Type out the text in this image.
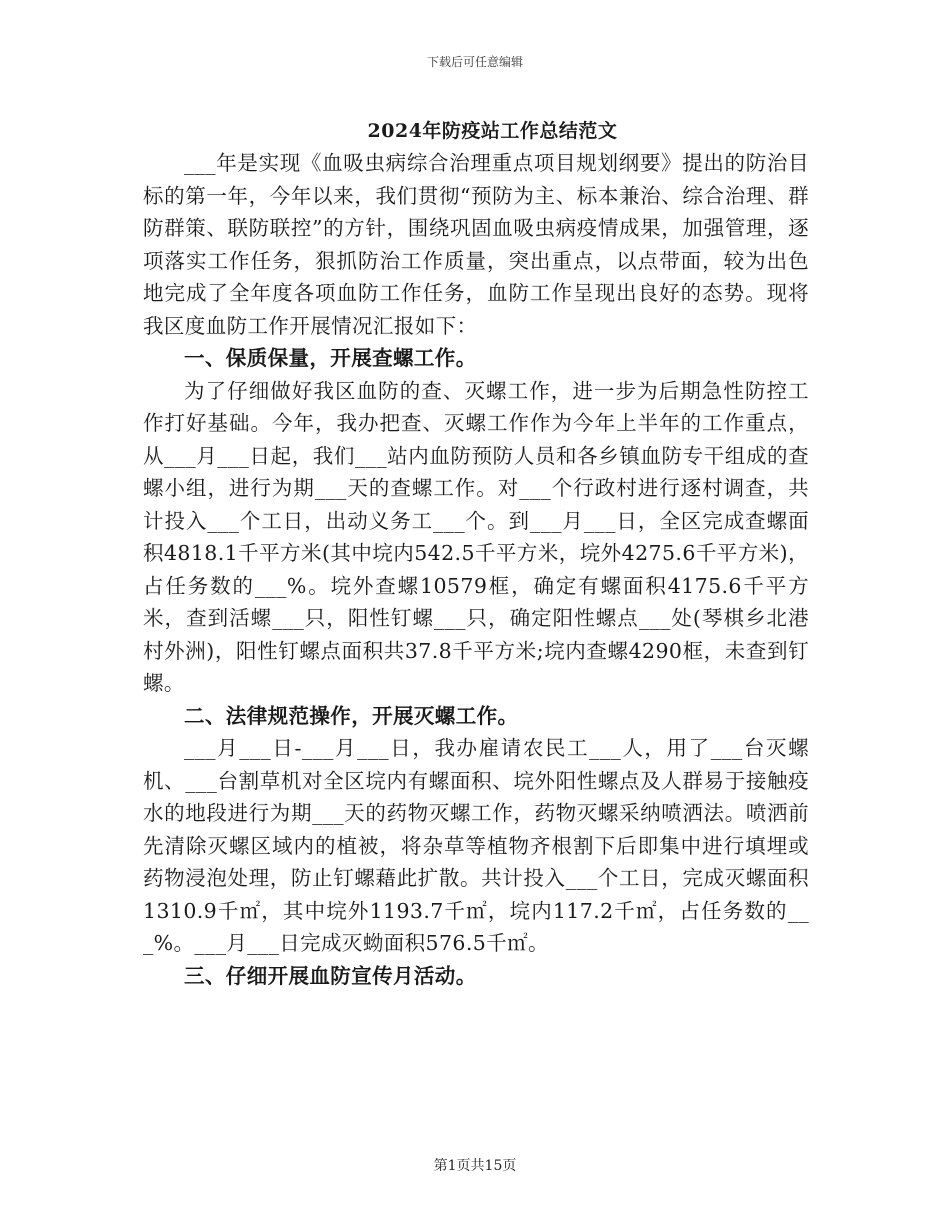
下载后可任意编辑
2024年防疫站工作总结范文

___年是实现《血吸虫病综合治理重点项目规划纲要》提出的防治目标的第一年，今年以来，我们贯彻“预防为主、标本兼治、综合治理、群防群策、联防联控”的方针，围绕巩固血吸虫病疫情成果，加强管理，逐项落实工作任务，狠抓防治工作质量，突出重点，以点带面，较为出色地完成了全年度各项血防工作任务，血防工作呈现出良好的态势。现将我区度血防工作开展情况汇报如下：

一、保质保量，开展查螺工作。

为了仔细做好我区血防的查、灭螺工作，进一步为后期急性防控工作打好基础。今年，我办把查、灭螺工作作为今年上半年的工作重点，从___月___日起，我们___站内血防预防人员和各乡镇血防专干组成的查螺小组，进行为期___天的查螺工作。对___个行政村进行逐村调查，共计投入___个工日，出动义务工___个。到___月___日，全区完成查螺面积4818.1千平方米(其中垸内542.5千平方米，垸外4275.6千平方米)，占任务数的___%。垸外查螺10579框，确定有螺面积4175.6千平方米，查到活螺___只，阳性钉螺___只，确定阳性螺点___处(琴棋乡北港村外洲)，阳性钉螺点面积共37.8千平方米;垸内查螺4290框，未查到钉螺。

二、法律规范操作，开展灭螺工作。

___月___日-___月___日，我办雇请农民工___人，用了___台灭螺机、___台割草机对全区垸内有螺面积、垸外阳性螺点及人群易于接触疫水的地段进行为期___天的药物灭螺工作，药物灭螺采纳喷洒法。喷洒前先清除灭螺区域内的植被，将杂草等植物齐根割下后即集中进行填埋或药物浸泡处理，防止钉螺藉此扩散。共计投入___个工日，完成灭螺面积1310.9千㎡，其中垸外1193.7千㎡，垸内117.2千㎡，占任务数的___%。___月___日完成灭蚴面积576.5千㎡。

三、仔细开展血防宣传月活动。
第1页共15页
